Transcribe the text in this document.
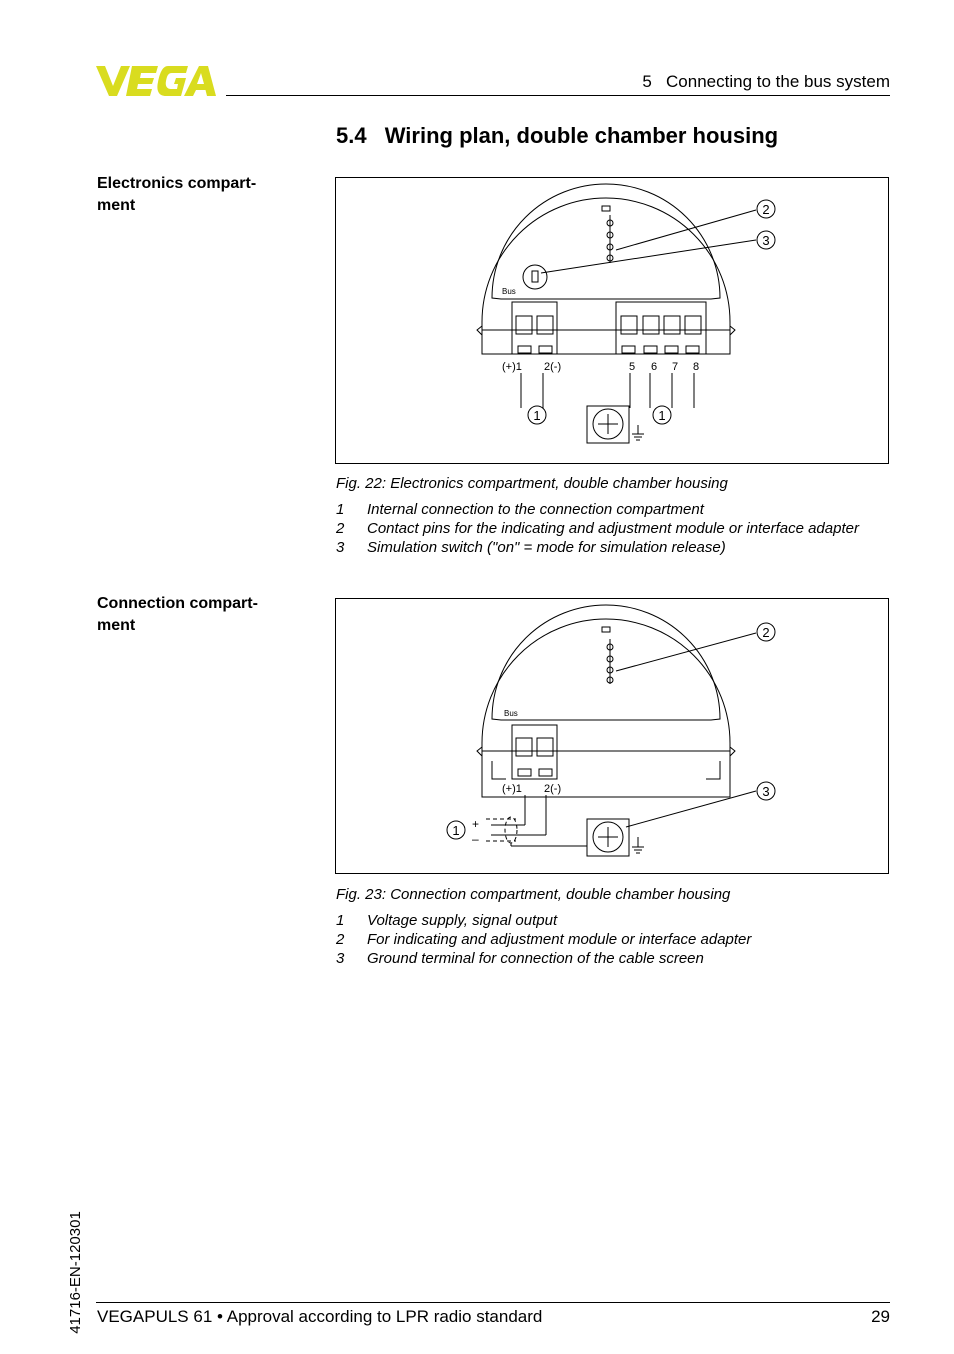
5   Connecting to the bus system
5.4 Wiring plan, double chamber housing
Electronics compart-
ment
Connection compart-
ment
Bus
(+)1 2(-)	5 6 7 8
1	1
2
3
Fig. 22: Electronics compartment, double chamber housing
1 Internal connection to the connection compartment
2 Contact pins for the indicating and adjustment module or interface adapter
3 Simulation switch ("on" = mode for simulation release)
Bus
(+)1 2(-)
+
–
1
2
3
Fig. 23: Connection compartment, double chamber housing
1 Voltage supply, signal output
2 For indicating and adjustment module or interface adapter
3 Ground terminal for connection of the cable screen
41716-EN-120301 VEGAPULS 61 • Approval according to LPR radio standard	29
